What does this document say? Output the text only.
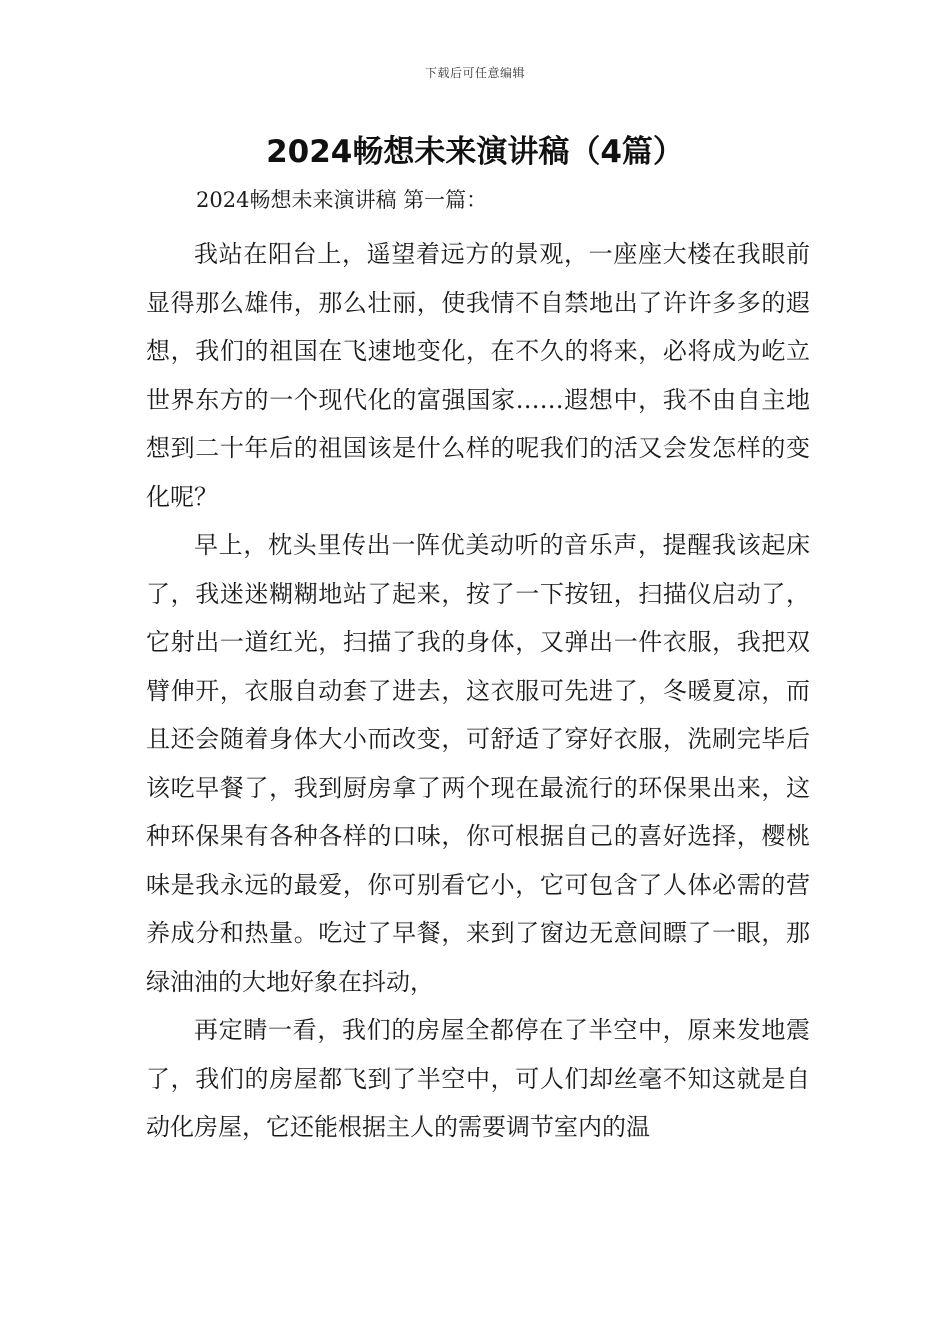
下载后可任意编辑
2024畅想未来演讲稿（4篇）
2024畅想未来演讲稿 第一篇：

我站在阳台上，遥望着远方的景观，一座座大楼在我眼前显得那么雄伟，那么壮丽，使我情不自禁地出了许许多多的遐想，我们的祖国在飞速地变化，在不久的将来，必将成为屹立世界东方的一个现代化的富强国家……遐想中，我不由自主地想到二十年后的祖国该是什么样的呢我们的活又会发怎样的变化呢？

早上，枕头里传出一阵优美动听的音乐声，提醒我该起床了，我迷迷糊糊地站了起来，按了一下按钮，扫描仪启动了，它射出一道红光，扫描了我的身体，又弹出一件衣服，我把双臂伸开，衣服自动套了进去，这衣服可先进了，冬暖夏凉，而且还会随着身体大小而改变，可舒适了穿好衣服，洗刷完毕后该吃早餐了，我到厨房拿了两个现在最流行的环保果出来，这种环保果有各种各样的口味，你可根据自己的喜好选择，樱桃味是我永远的最爱，你可别看它小，它可包含了人体必需的营养成分和热量。吃过了早餐，来到了窗边无意间瞟了一眼，那绿油油的大地好象在抖动，

再定睛一看，我们的房屋全都停在了半空中，原来发地震了，我们的房屋都飞到了半空中，可人们却丝毫不知这就是自动化房屋，它还能根据主人的需要调节室内的温
